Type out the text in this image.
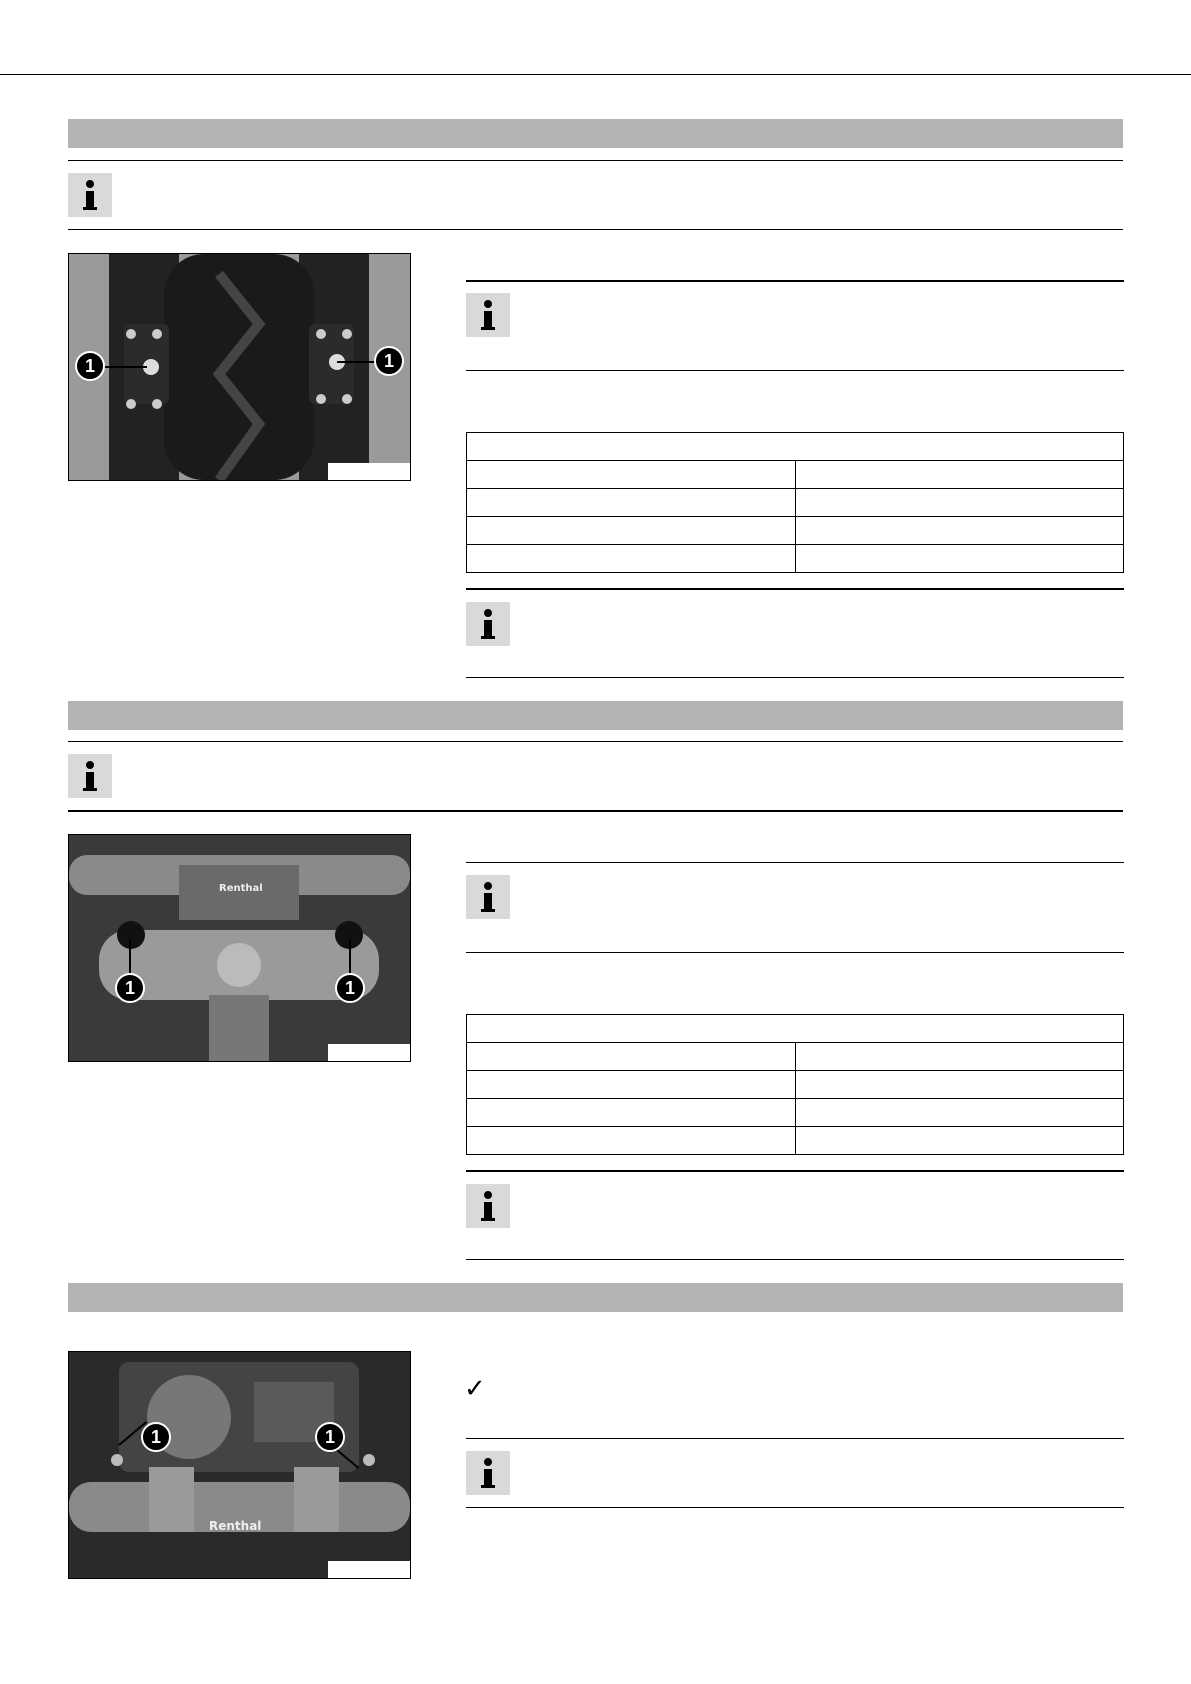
1	1

Renthal
1	1

Renthal
1	1
✓
